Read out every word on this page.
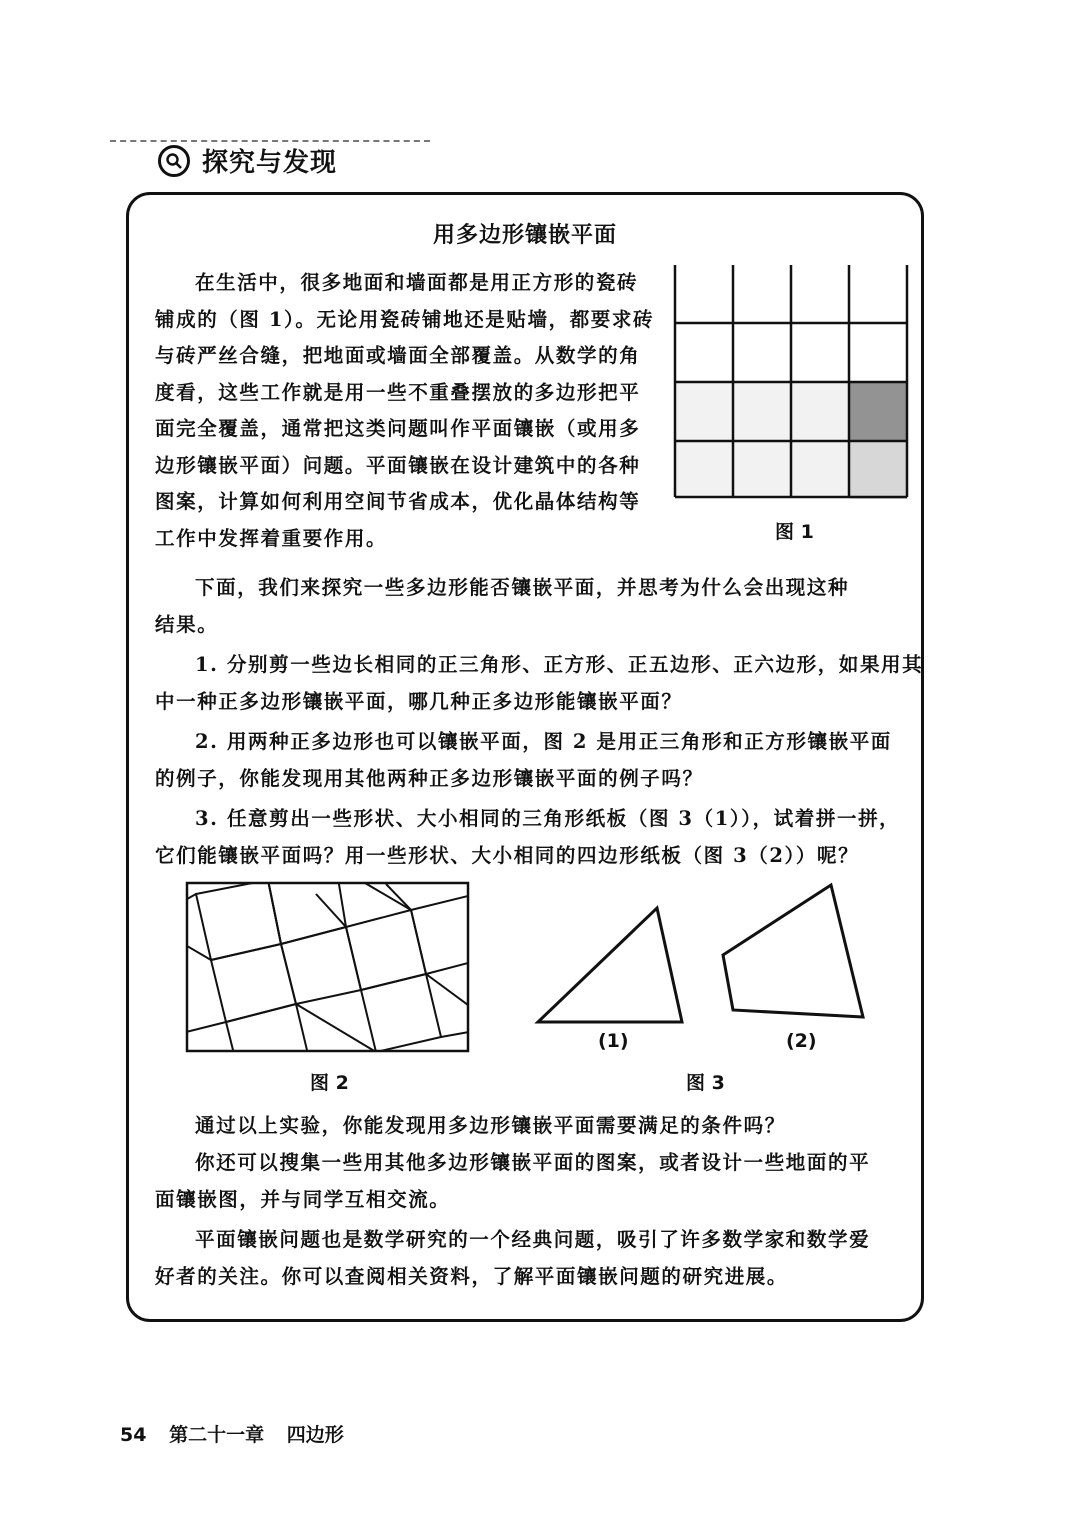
探究与发现
用多边形镶嵌平面
在生活中，很多地面和墙面都是用正方形的瓷砖
铺成的（图 1）。无论用瓷砖铺地还是贴墙，都要求砖
与砖严丝合缝，把地面或墙面全部覆盖。从数学的角
度看，这些工作就是用一些不重叠摆放的多边形把平
面完全覆盖，通常把这类问题叫作平面镶嵌（或用多
边形镶嵌平面）问题。平面镶嵌在设计建筑中的各种
图案，计算如何利用空间节省成本，优化晶体结构等
工作中发挥着重要作用。	图 1
下面，我们来探究一些多边形能否镶嵌平面，并思考为什么会出现这种
结果。
1. 分别剪一些边长相同的正三角形、正方形、正五边形、正六边形，如果用其
中一种正多边形镶嵌平面，哪几种正多边形能镶嵌平面？
2. 用两种正多边形也可以镶嵌平面，图 2 是用正三角形和正方形镶嵌平面
的例子，你能发现用其他两种正多边形镶嵌平面的例子吗？
3. 任意剪出一些形状、大小相同的三角形纸板（图 3（1）），试着拼一拼，
它们能镶嵌平面吗？用一些形状、大小相同的四边形纸板（图 3（2））呢？
图 2
(1)	(2)
图 3
通过以上实验，你能发现用多边形镶嵌平面需要满足的条件吗？
你还可以搜集一些用其他多边形镶嵌平面的图案，或者设计一些地面的平
面镶嵌图，并与同学互相交流。
平面镶嵌问题也是数学研究的一个经典问题，吸引了许多数学家和数学爱
好者的关注。你可以查阅相关资料，了解平面镶嵌问题的研究进展。
54 第二十一章 四边形
